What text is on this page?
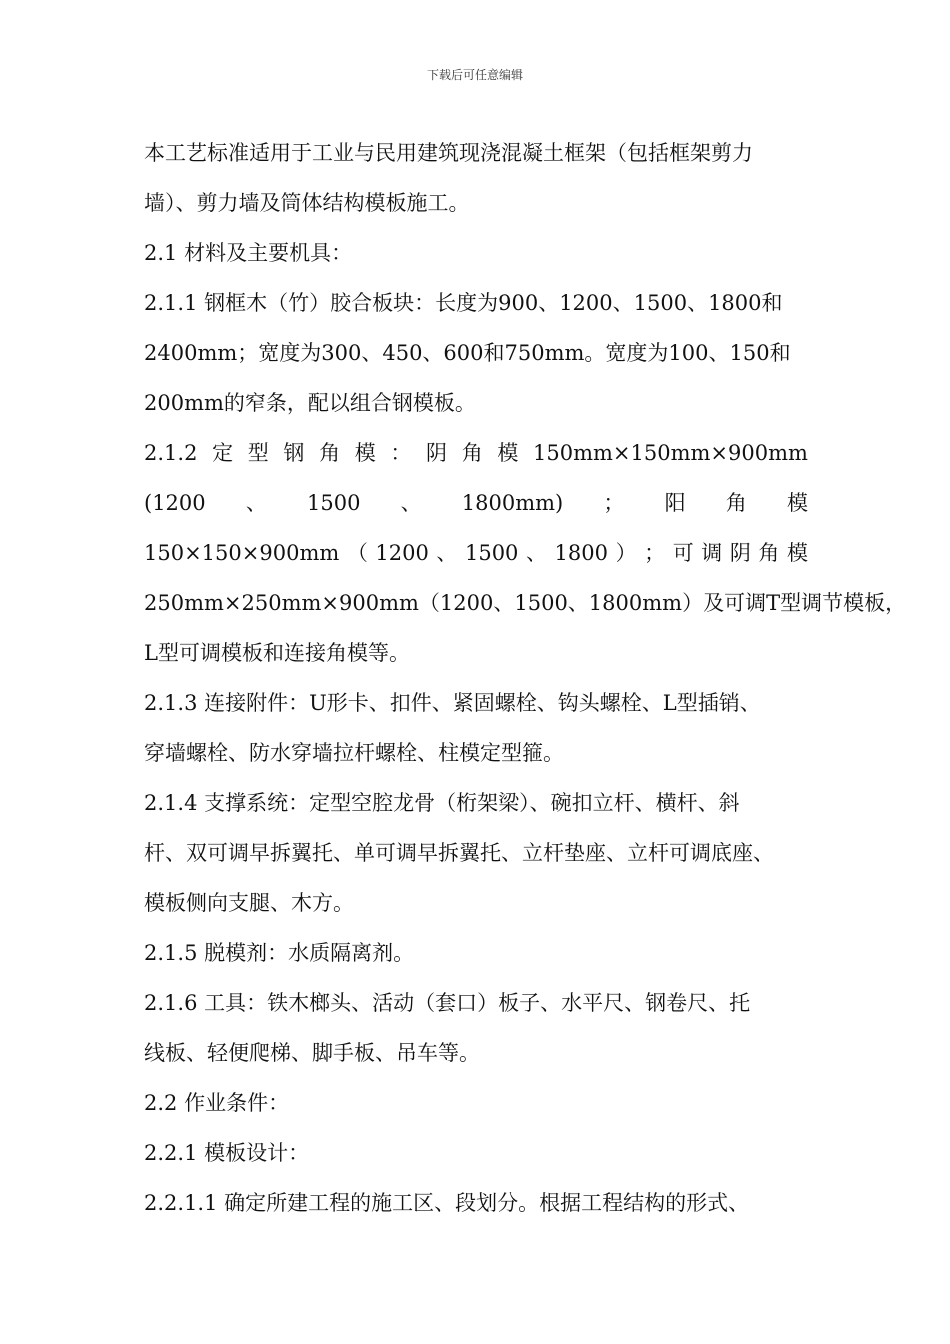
下载后可任意编辑
本工艺标准适用于工业与民用建筑现浇混凝土框架（包括框架剪力
墙）、剪力墙及筒体结构模板施工。
2.1 材料及主要机具：
2.1.1 钢框木（竹）胶合板块：长度为900、1200、1500、1800和
2400mm；宽度为300、450、600和750mm。宽度为100、150和
200mm的窄条，配以组合钢模板。
2.1.2 定 型 钢 角 模 ： 阴 角 模 150mm×150mm×900mm
(1200 、 1500 、 1800mm) ； 阳 角 模
150×150×900mm （ 1200 、 1500 、 1800 ） ； 可 调 阴 角 模
250mm×250mm×900mm（1200、1500、1800mm）及可调T型调节模板，
L型可调模板和连接角模等。
2.1.3 连接附件：U形卡、扣件、紧固螺栓、钩头螺栓、L型插销、
穿墙螺栓、防水穿墙拉杆螺栓、柱模定型箍。
2.1.4 支撑系统：定型空腔龙骨（桁架梁）、碗扣立杆、横杆、斜
杆、双可调早拆翼托、单可调早拆翼托、立杆垫座、立杆可调底座、
模板侧向支腿、木方。
2.1.5 脱模剂：水质隔离剂。
2.1.6 工具：铁木榔头、活动（套口）板子、水平尺、钢卷尺、托
线板、轻便爬梯、脚手板、吊车等。
2.2 作业条件：
2.2.1 模板设计：
2.2.1.1 确定所建工程的施工区、段划分。根据工程结构的形式、
